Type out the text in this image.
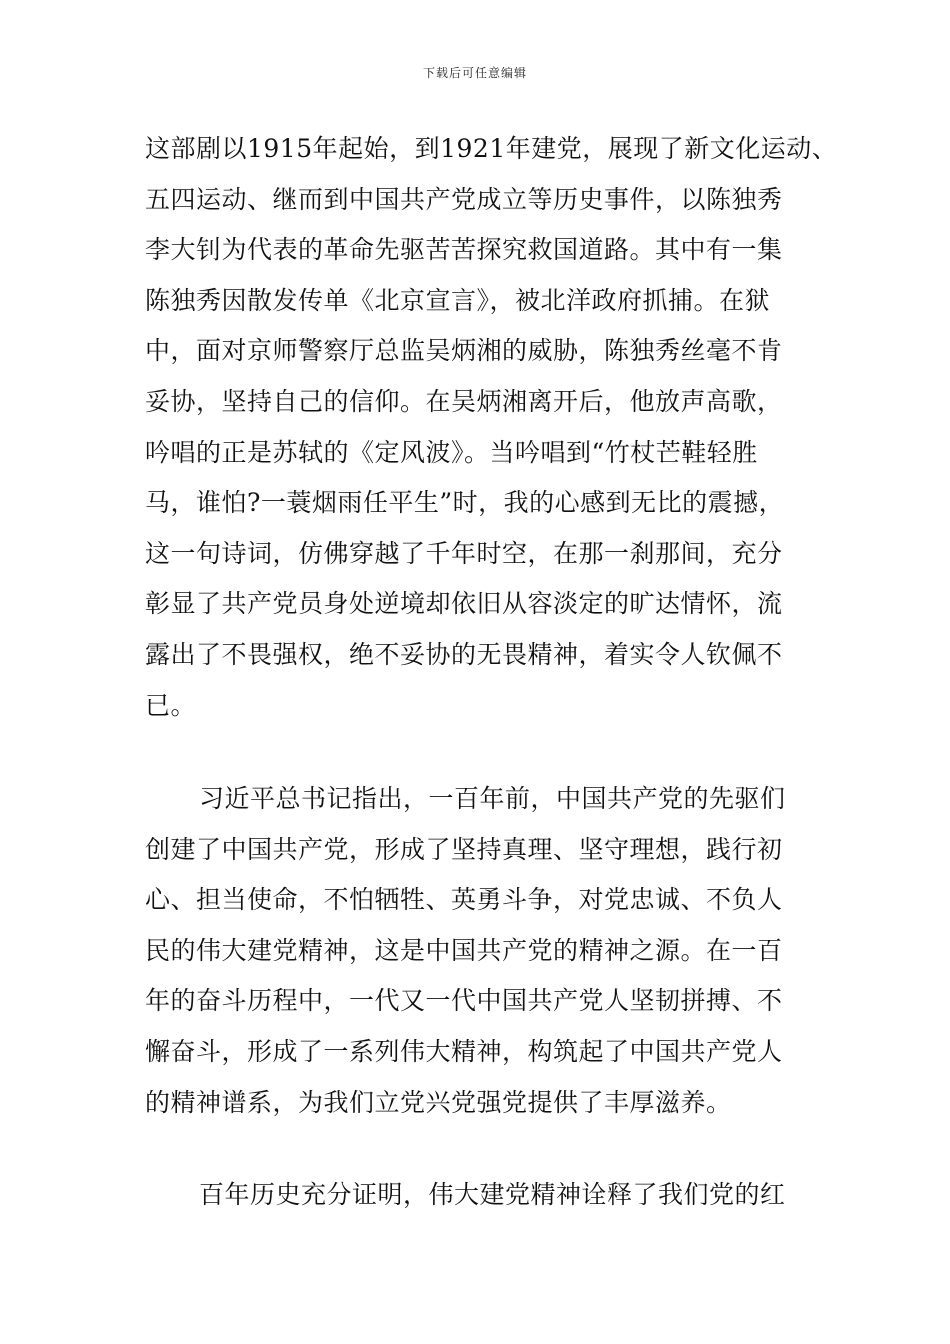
下载后可任意编辑
这部剧以1915年起始，到1921年建党，展现了新文化运动、
五四运动、继而到中国共产党成立等历史事件，以陈独秀
李大钊为代表的革命先驱苦苦探究救国道路。其中有一集
陈独秀因散发传单《北京宣言》，被北洋政府抓捕。在狱
中，面对京师警察厅总监吴炳湘的威胁，陈独秀丝毫不肯
妥协，坚持自己的信仰。在吴炳湘离开后，他放声高歌，
吟唱的正是苏轼的《定风波》。当吟唱到“竹杖芒鞋轻胜
马，谁怕?一蓑烟雨任平生”时，我的心感到无比的震撼，
这一句诗词，仿佛穿越了千年时空，在那一刹那间，充分
彰显了共产党员身处逆境却依旧从容淡定的旷达情怀，流
露出了不畏强权，绝不妥协的无畏精神，着实令人钦佩不
已。
习近平总书记指出，一百年前，中国共产党的先驱们
创建了中国共产党，形成了坚持真理、坚守理想，践行初
心、担当使命，不怕牺牲、英勇斗争，对党忠诚、不负人
民的伟大建党精神，这是中国共产党的精神之源。在一百
年的奋斗历程中，一代又一代中国共产党人坚韧拼搏、不
懈奋斗，形成了一系列伟大精神，构筑起了中国共产党人
的精神谱系，为我们立党兴党强党提供了丰厚滋养。
百年历史充分证明，伟大建党精神诠释了我们党的红
